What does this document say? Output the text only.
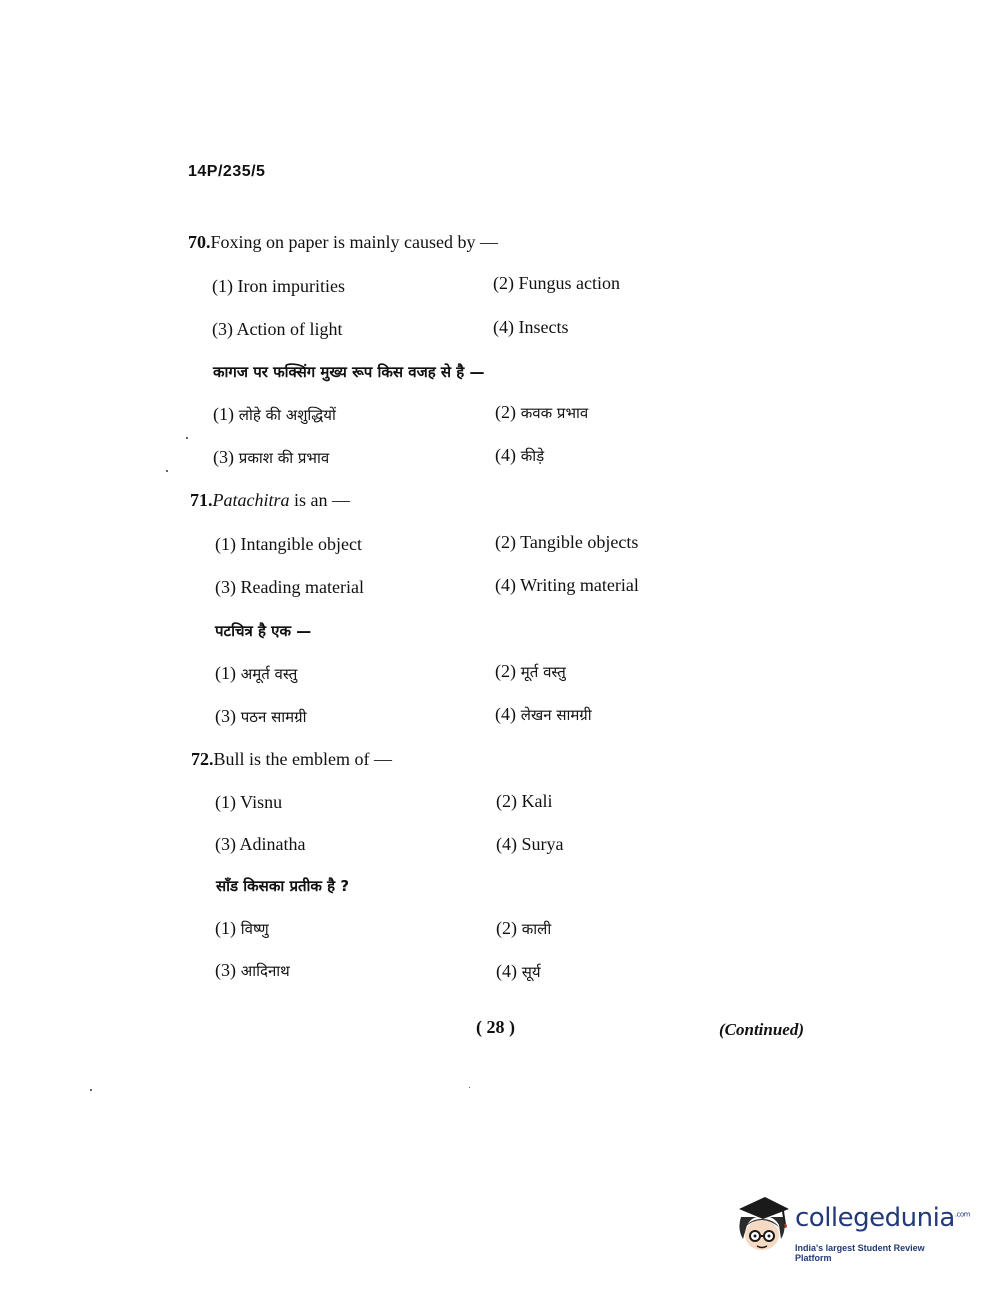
14P/235/5
70.Foxing on paper is mainly caused by —
(1) Iron impurities	(2) Fungus action
(3) Action of light	(4) Insects
कागज पर फक्सिंग मुख्य रूप किस वजह से है —
(1) लोहे की अशुद्धियों	(2) कवक प्रभाव
(3) प्रकाश की प्रभाव	(4) कीड़े
71.Patachitra is an —
(1) Intangible object	(2) Tangible objects
(3) Reading material	(4) Writing material
पटचित्र है एक —
(1) अमूर्त वस्तु	(2) मूर्त वस्तु
(3) पठन सामग्री	(4) लेखन सामग्री
72.Bull is the emblem of —
(1) Visnu	(2) Kali
(3) Adinatha	(4) Surya
सॉंड किसका प्रतीक है ?
(1) विष्णु	(2) काली
(3) आदिनाथ	(4) सूर्य
( 28 )	(Continued)
collegedunia$^{.com}$
India's largest Student Review Platform
